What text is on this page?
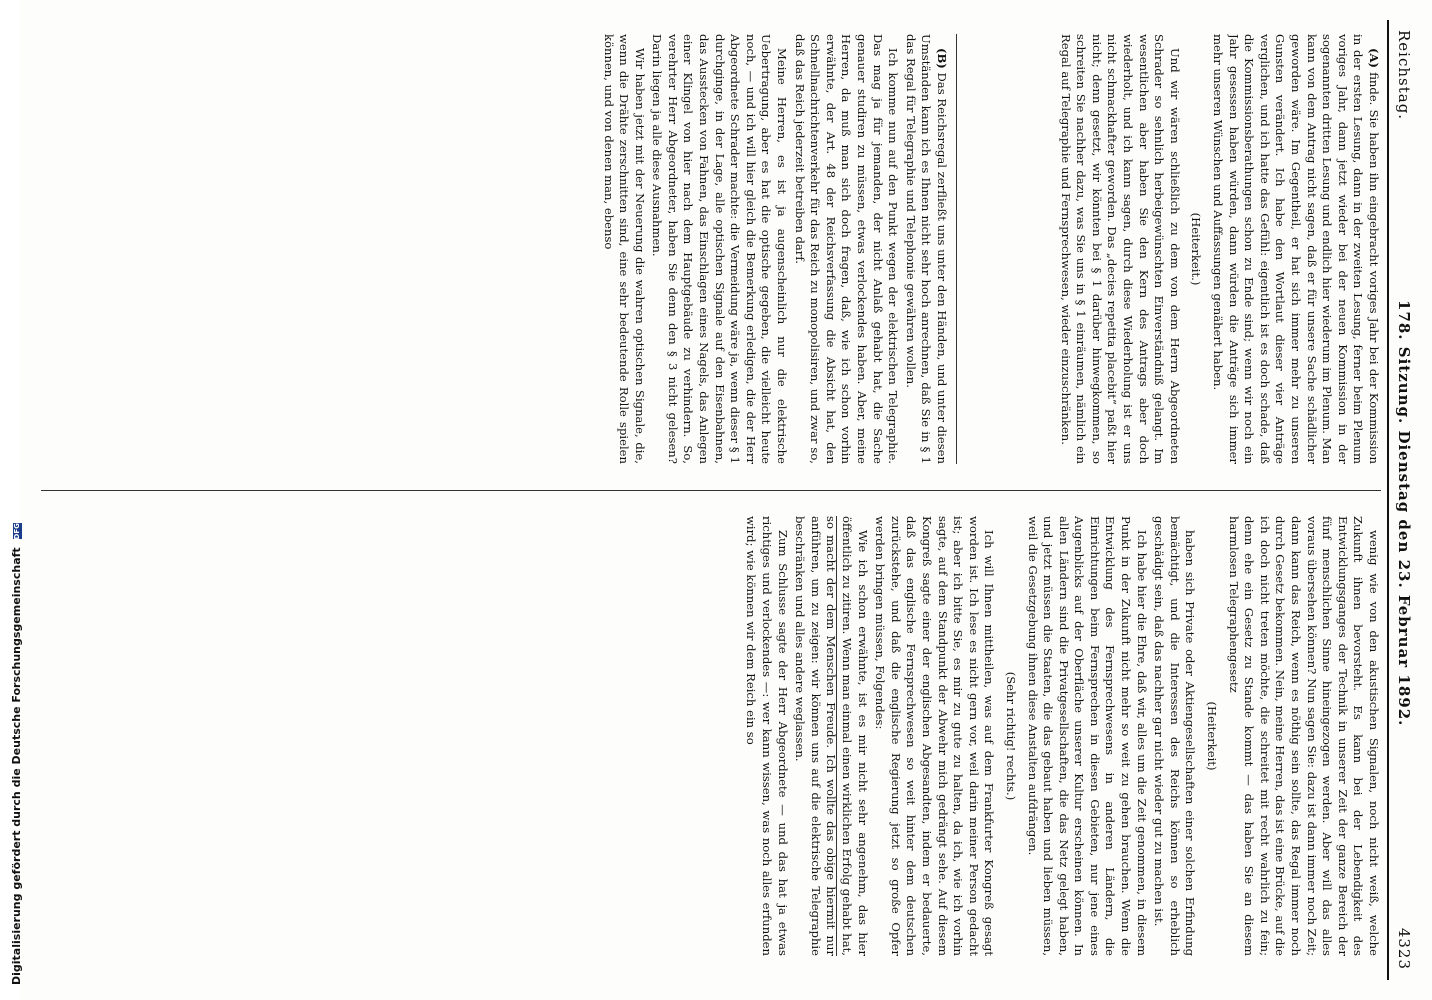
Digitalisierung gefördert durch die Deutsche Forschungsgemeinschaft DFG
Reichstag.
178. Sitzung. Dienstag den 23. Februar 1892.
4323

(A) finde. Sie haben ihn eingebracht voriges Jahr bei der Kommission in der ersten Lesung, dann in der zweiten Lesung, ferner beim Plenum voriges Jahr, dann jetzt wieder bei der neuen Kommission in der sogenannten dritten Lesung und endlich hier wiederum im Plenum. Man kann von dem Antrag nicht sagen, daß er für unsere Sache schädlicher geworden wäre. Im Gegentheil, er hat sich immer mehr zu unseren Gunsten verändert. Ich habe den Wortlaut dieser vier Anträge verglichen, und ich hatte das Gefühl: eigentlich ist es doch schade, daß die Kommissionsberathungen schon zu Ende sind; wenn wir noch ein Jahr gesessen haben würden, dann würden die Anträge sich immer mehr unseren Wünschen und Auffassungen genähert haben.

(Heiterkeit.)

Und wir wären schließlich zu dem von dem Herrn Abgeordneten Schrader so sehnlich herbeigewünschten Einverständniß gelangt. Im wesentlichen aber haben Sie den Kern des Antrags aber doch wiederholt, und ich kann sagen, durch diese Wiederholung ist er uns nicht schmackhafter geworden. Das „decies repetita placebit“ paßt hier nicht; denn gesetzt, wir könnten bei § 1 darüber hinwegkommen, so schreiten Sie nachher dazu, was Sie uns in § 1 einräumen, nämlich ein Regal auf Telegraphie und Fernsprechwesen, wieder einzuschränken.

(B) Das Reichsregal zerfließt uns unter den Händen, und unter diesen Umständen kann ich es Ihnen nicht sehr hoch anrechnen, daß Sie in § 1 das Regal für Telegraphie und Telephonie gewähren wollen.

Ich komme nun auf den Punkt wegen der elektrischen Telegraphie. Das mag ja für jemanden, der nicht Anlaß gehabt hat, die Sache genauer studiren zu müssen, etwas verlockendes haben. Aber, meine Herren, da muß man sich doch fragen, daß, wie ich schon vorhin erwähnte, der Art. 48 der Reichsverfassung die Absicht hat, den Schnellnachrichtenverkehr für das Reich zu monopolisiren, und zwar so, daß das Reich jederzeit betreiben darf.

Meine Herren, es ist ja augenscheinlich nur die elektrische Uebertragung, aber es hat die optische gegeben, die vielleicht heute noch, — und ich will hier gleich die Bemerkung erledigen, die der Herr Abgeordnete Schrader machte: die Vermeidung wäre ja, wenn dieser § 1 durchginge, in der Lage, alle optischen Signale auf den Eisenbahnen, das Ausstecken von Fahnen, das Einschlagen eines Nagels, das Anlegen einer Klingel von hier nach dem Hauptgebäude zu verhindern. So, verehrter Herr Abgeordneter, haben Sie denn den § 3 nicht gelesen? Darin liegen ja alle diese Ausnahmen.

Wir haben jetzt mit der Neuerung die wahren optischen Signale, die, wenn die Drähte zerschnitten sind, eine sehr bedeutende Rolle spielen können, und von denen man, ebenso

wenig wie von den akustischen Signalen, noch nicht weiß, welche Zukunft ihnen bevorsteht. Es kann bei der Lebendigkeit des Entwicklungsganges der Technik in unserer Zeit der ganze Bereich der fünf menschlichen Sinne hineingezogen werden. Aber will das alles voraus übersehen können? Nun sagen Sie: dazu ist dann immer noch Zeit; dann kann das Reich, wenn es nöthig sein sollte, das Regal immer noch durch Gesetz bekommen. Nein, meine Herren, das ist eine Brücke, auf die ich doch nicht treten möchte, die schreitet mit recht wahrlich zu fein; denn ehe ein Gesetz zu Stande kommt — das haben Sie an diesem harmlosen Telegraphengesetz

(Heiterkeit)

haben sich Private oder Aktiengesellschaften einer solchen Erfindung bemächtigt, und die Interessen des Reichs können so erheblich geschädigt sein, daß das nachher gar nicht wieder gut zu machen ist.

Ich habe hier die Ehre, daß wir, alles um die Zeit genommen, in diesem Punkt in der Zukunft nicht mehr so weit zu gehen brauchen. Wenn die Entwicklung des Fernsprechwesens in anderen Ländern, die Einrichtungen beim Fernsprechen in diesen Gebieten, nur jene eines Augenblicks auf der Oberfläche unserer Kultur erscheinen können. In allen Ländern sind die Privatgesellschaften, die das Netz gelegt haben, und jetzt müssen die Staaten, die das gebaut haben und lieben müssen, weil die Gesetzgebung ihnen diese Anstalten aufdrängen.

(Sehr richtig! rechts.)

Ich will Ihnen mittheilen, was auf dem Frankfurter Kongreß gesagt worden ist. Ich lese es nicht gern vor, weil darin meiner Person gedacht ist; aber ich bitte Sie, es mir zu gute zu halten, da ich, wie ich vorhin sagte, auf dem Standpunkt der Abwehr mich gedrängt sehe. Auf diesem Kongreß sagte einer der englischen Abgesandten, indem er bedauerte, daß das englische Fernsprechwesen so weit hinter dem deutschen zurückstehe, und daß die englische Regierung jetzt so große Opfer werden bringen müssen, Folgendes:

Wie ich schon erwähnte, ist es mir nicht sehr angenehm, das hier öffentlich zu zitiren. Wenn man einmal einen wirklichen Erfolg gehabt hat, so macht der dem Menschen Freude. Ich wollte das obige hiermit nur anführen, um zu zeigen: wir können uns auf die elektrische Telegraphie beschränken und alles andere weglassen.

Zum Schlusse sagte der Herr Abgeordnete — und das hat ja etwas richtiges und verlockendes —: wer kann wissen, was noch alles erfunden wird; wie können wir dem Reich ein so
